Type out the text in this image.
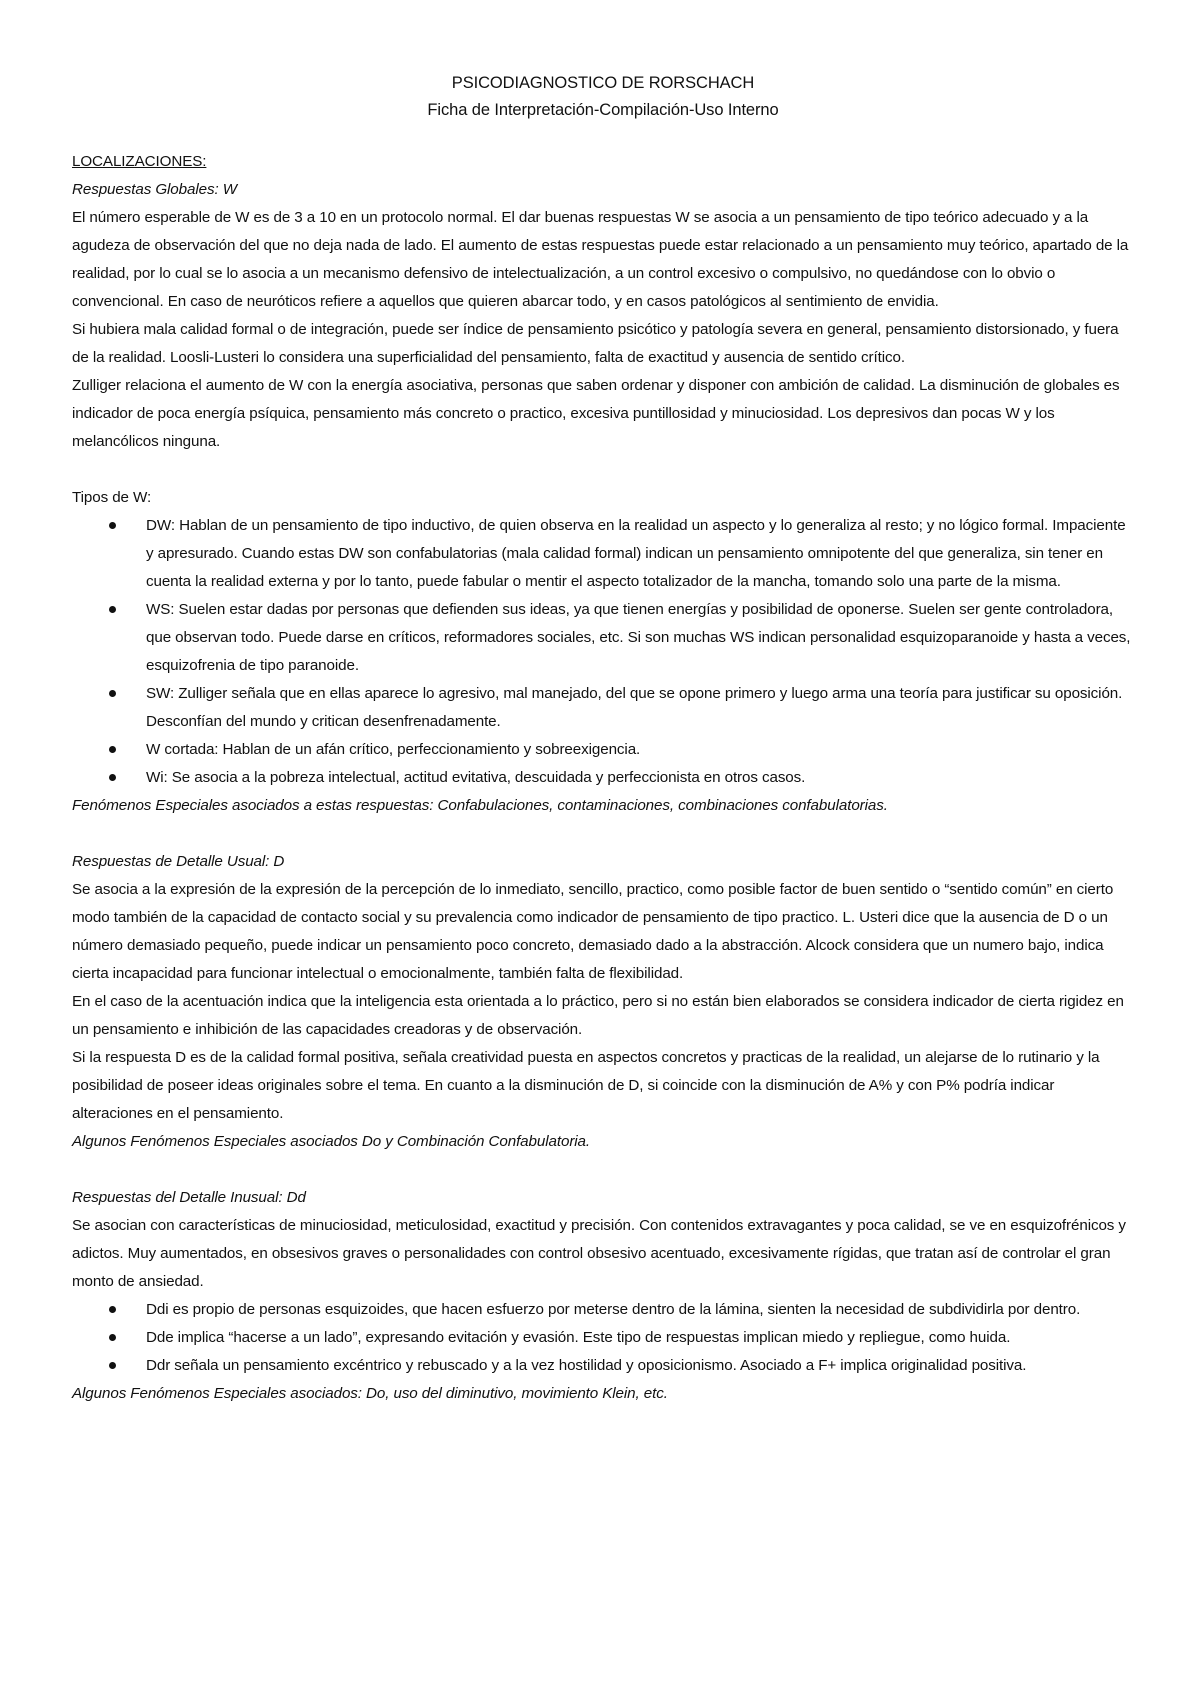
PSICODIAGNOSTICO DE RORSCHACH

Ficha de Interpretación-Compilación-Uso Interno

LOCALIZACIONES:

Respuestas Globales: W

El número esperable de W es de 3 a 10 en un protocolo normal. El dar buenas respuestas W se asocia a un pensamiento de tipo teórico adecuado y a la agudeza de observación del que no deja nada de lado. El aumento de estas respuestas puede estar relacionado a un pensamiento muy teórico, apartado de la realidad, por lo cual se lo asocia a un mecanismo defensivo de intelectualización, a un control excesivo o compulsivo, no quedándose con lo obvio o convencional. En caso de neuróticos refiere a aquellos que quieren abarcar todo, y en casos patológicos al sentimiento de envidia.

Si hubiera mala calidad formal o de integración, puede ser índice de pensamiento psicótico y patología severa en general, pensamiento distorsionado, y fuera de la realidad. Loosli-Lusteri lo considera una superficialidad del pensamiento, falta de exactitud y ausencia de sentido crítico.

Zulliger relaciona el aumento de W con la energía asociativa, personas que saben ordenar y disponer con ambición de calidad. La disminución de globales es indicador de poca energía psíquica, pensamiento más concreto o practico, excesiva puntillosidad y minuciosidad. Los depresivos dan pocas W y los melancólicos ninguna.

Tipos de W:

DW: Hablan de un pensamiento de tipo inductivo, de quien observa en la realidad un aspecto y lo generaliza al resto; y no lógico formal. Impaciente y apresurado. Cuando estas DW son confabulatorias (mala calidad formal) indican un pensamiento omnipotente del que generaliza, sin tener en cuenta la realidad externa y por lo tanto, puede fabular o mentir el aspecto totalizador de la mancha, tomando solo una parte de la misma.
WS: Suelen estar dadas por personas que defienden sus ideas, ya que tienen energías y posibilidad de oponerse. Suelen ser gente controladora, que observan todo. Puede darse en críticos, reformadores sociales, etc. Si son muchas WS indican personalidad esquizoparanoide y hasta a veces, esquizofrenia de tipo paranoide.
SW: Zulliger señala que en ellas aparece lo agresivo, mal manejado, del que se opone primero y luego arma una teoría para justificar su oposición. Desconfían del mundo y critican desenfrenadamente.
W cortada: Hablan de un afán crítico, perfeccionamiento y sobreexigencia.
Wi: Se asocia a la pobreza intelectual, actitud evitativa, descuidada y perfeccionista en otros casos.

Fenómenos Especiales asociados a estas respuestas: Confabulaciones, contaminaciones, combinaciones confabulatorias.

Respuestas de Detalle Usual: D

Se asocia a la expresión de la expresión de la percepción de lo inmediato, sencillo, practico, como posible factor de buen sentido o “sentido común” en cierto modo también de la capacidad de contacto social y su prevalencia como indicador de pensamiento de tipo practico. L. Usteri dice que la ausencia de D o un número demasiado pequeño, puede indicar un pensamiento poco concreto, demasiado dado a la abstracción. Alcock considera que un numero bajo, indica cierta incapacidad para funcionar intelectual o emocionalmente, también falta de flexibilidad.

En el caso de la acentuación indica que la inteligencia esta orientada a lo práctico, pero si no están bien elaborados se considera indicador de cierta rigidez en un pensamiento e inhibición de las capacidades creadoras y de observación.

Si la respuesta D es de la calidad formal positiva, señala creatividad puesta en aspectos concretos y practicas de la realidad, un alejarse de lo rutinario y la posibilidad de poseer ideas originales sobre el tema. En cuanto a la disminución de D, si coincide con la disminución de A% y con P% podría indicar alteraciones en el pensamiento.

Algunos Fenómenos Especiales asociados Do y Combinación Confabulatoria.

Respuestas del Detalle Inusual: Dd

Se asocian con características de minuciosidad, meticulosidad, exactitud y precisión. Con contenidos extravagantes y poca calidad, se ve en esquizofrénicos y adictos. Muy aumentados, en obsesivos graves o personalidades con control obsesivo acentuado, excesivamente rígidas, que tratan así de controlar el gran monto de ansiedad.

Ddi es propio de personas esquizoides, que hacen esfuerzo por meterse dentro de la lámina, sienten la necesidad de subdividirla por dentro.
Dde implica “hacerse a un lado”, expresando evitación y evasión. Este tipo de respuestas implican miedo y repliegue, como huida.
Ddr señala un pensamiento excéntrico y rebuscado y a la vez hostilidad y oposicionismo. Asociado a F+ implica originalidad positiva.

Algunos Fenómenos Especiales asociados: Do, uso del diminutivo, movimiento Klein, etc.
